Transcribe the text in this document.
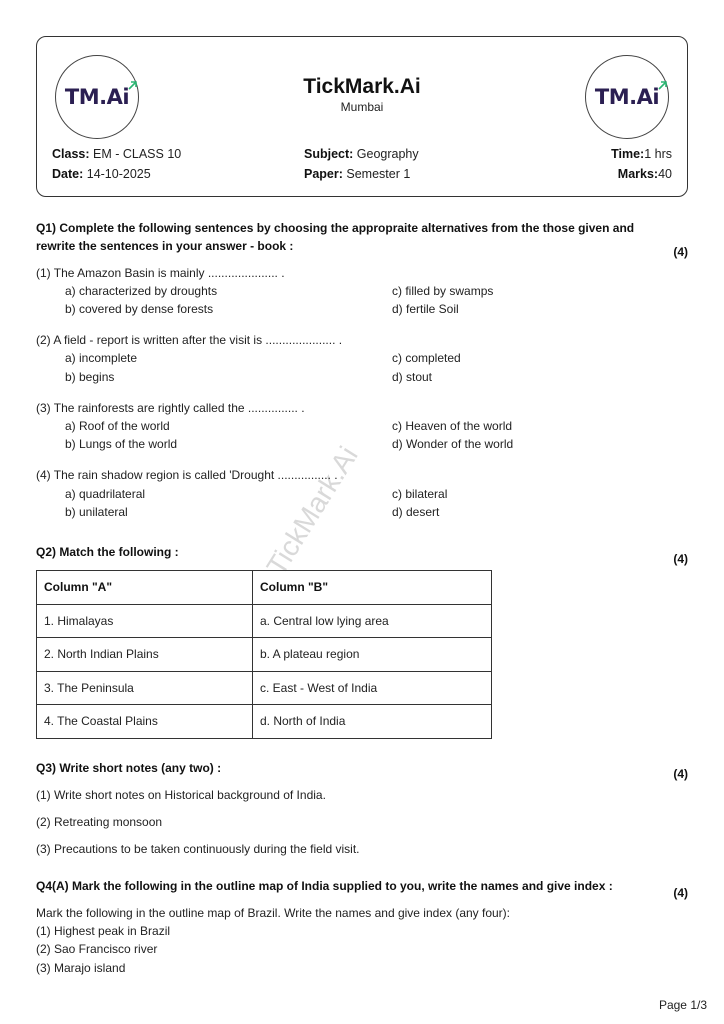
TM.Ai	TM.Ai
TickMark.Ai
Mumbai
Class: EM - CLASS 10
Date: 14-10-2025
Subject: Geography
Paper: Semester 1
Time:1 hrs
Marks:40
TickMark.Ai
Q1) Complete the following sentences by choosing the appropraite alternatives from the those given and
rewrite the sentences in your answer - book :	(4)
(1) The Amazon Basin is mainly ..................... .
a) characterized by droughts
b) covered by dense forests
c) filled by swamps
d) fertile Soil
(2) A field - report is written after the visit is ..................... .
a) incomplete
b) begins
c) completed
d) stout
(3) The rainforests are rightly called the ............... .
a) Roof of the world
b) Lungs of the world
c) Heaven of the world
d) Wonder of the world
(4) The rain shadow region is called 'Drought ................ .
a) quadrilateral
b) unilateral
c) bilateral
d) desert
Q2) Match the following :	(4)
Column "A"	Column "B"
1. Himalayas	a. Central low lying area
2. North Indian Plains	b. A plateau region
3. The Peninsula	c. East - West of India
4. The Coastal Plains	d. North of India
Q3) Write short notes (any two) :	(4)
(1) Write short notes on Historical background of India.
(2) Retreating monsoon
(3) Precautions to be taken continuously during the field visit.
Q4(A) Mark the following in the outline map of India supplied to you, write the names and give index :	(4)
Mark the following in the outline map of Brazil. Write the names and give index (any four):
(1) Highest peak in Brazil
(2) Sao Francisco river
(3) Marajo island
Page 1/3
